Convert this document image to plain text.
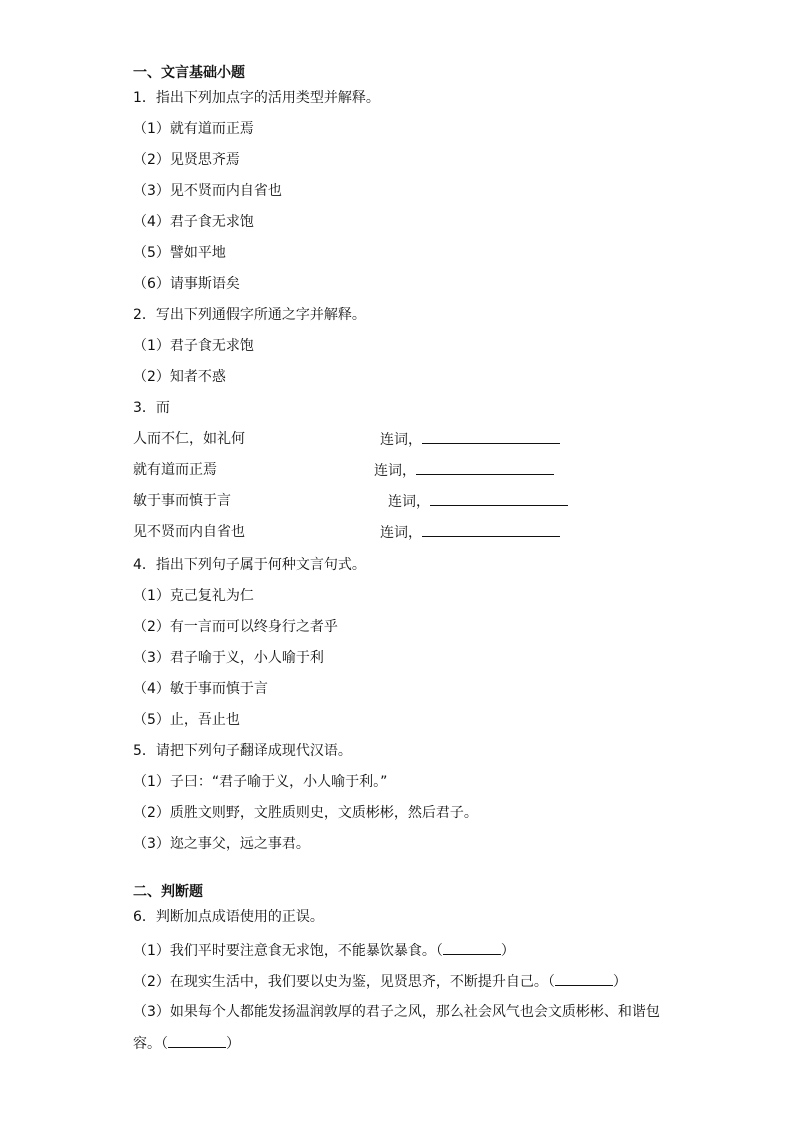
一、文言基础小题
1．指出下列加点字的活用类型并解释。
（1）就有道而正焉
（2）见贤思齐焉
（3）见不贤而内自省也
（4）君子食无求饱
（5）譬如平地
（6）请事斯语矣
2．写出下列通假字所通之字并解释。
（1）君子食无求饱
（2）知者不惑
3．而
人而不仁，如礼何	连词，
就有道而正焉	连词，
敏于事而慎于言	连词，
见不贤而内自省也	连词，
4．指出下列句子属于何种文言句式。
（1）克己复礼为仁
（2）有一言而可以终身行之者乎
（3）君子喻于义，小人喻于利
（4）敏于事而慎于言
（5）止，吾止也
5．请把下列句子翻译成现代汉语。
（1）子曰：“君子喻于义，小人喻于利。”
（2）质胜文则野，文胜质则史，文质彬彬，然后君子。
（3）迩之事父，远之事君。
二、判断题
6．判断加点成语使用的正误。
（1）我们平时要注意食无求饱，不能暴饮暴食。（	）
（2）在现实生活中，我们要以史为鉴，见贤思齐，不断提升自己。（	）
（3）如果每个人都能发扬温润敦厚的君子之风，那么社会风气也会文质彬彬、和谐包
容。（	）
